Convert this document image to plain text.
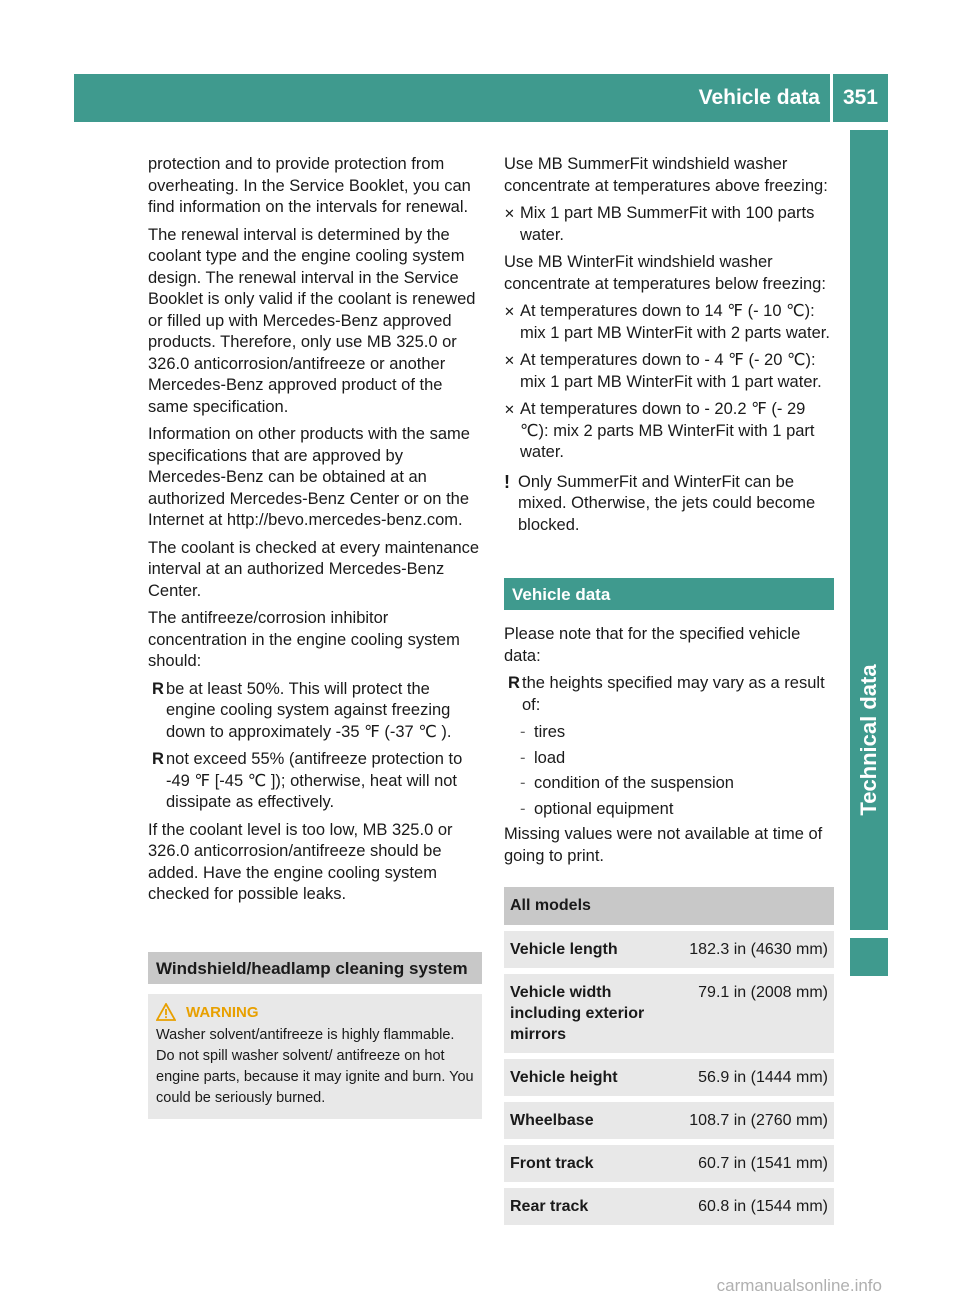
Vehicle data 351
Technical data

protection and to provide protection from overheating. In the Service Booklet, you can find information on the intervals for renewal.

The renewal interval is determined by the coolant type and the engine cooling system design. The renewal interval in the Service Booklet is only valid if the coolant is renewed or filled up with Mercedes-Benz approved products. Therefore, only use MB 325.0 or 326.0 anticorrosion/antifreeze or another Mercedes-Benz approved product of the same specification.

Information on other products with the same specifications that are approved by Mercedes-Benz can be obtained at an authorized Mercedes-Benz Center or on the Internet at http://bevo.mercedes-benz.com.

The coolant is checked at every maintenance interval at an authorized Mercedes-Benz Center.

The antifreeze/corrosion inhibitor concentration in the engine cooling system should:

R be at least 50%. This will protect the engine cooling system against freezing down to approximately -35 ℉ (-37 ℃ ).
R not exceed 55% (antifreeze protection to -49 ℉ [-45 ℃ ]); otherwise, heat will not dissipate as effectively.

If the coolant level is too low, MB 325.0 or 326.0 anticorrosion/antifreeze should be added. Have the engine cooling system checked for possible leaks.

Windshield/headlamp cleaning system
WARNING
Washer solvent/antifreeze is highly flammable. Do not spill washer solvent/ antifreeze on hot engine parts, because it may ignite and burn. You could be seriously burned.

Use MB SummerFit windshield washer concentrate at temperatures above freezing:

✕ Mix 1 part MB SummerFit with 100 parts water.

Use MB WinterFit windshield washer concentrate at temperatures below freezing:

✕ At temperatures down to 14 ℉ (‑ 10 ℃): mix 1 part MB WinterFit with 2 parts water.
✕ At temperatures down to ‑ 4 ℉ (‑ 20 ℃): mix 1 part MB WinterFit with 1 part water.
✕ At temperatures down to ‑ 20.2 ℉ (‑ 29 ℃): mix 2 parts MB WinterFit with 1 part water.
! Only SummerFit and WinterFit can be mixed. Otherwise, the jets could become blocked.
Vehicle data

Please note that for the specified vehicle data:

R the heights specified may vary as a result of:
- tires
- load
- condition of the suspension
- optional equipment

Missing values were not available at time of going to print.

All models	
Vehicle length	182.3 in (4630 mm)
Vehicle width including exterior mirrors	79.1 in (2008 mm)
Vehicle height	56.9 in (1444 mm)
Wheelbase	108.7 in (2760 mm)
Front track	60.7 in (1541 mm)
Rear track	60.8 in (1544 mm)
carmanualsonline.info
